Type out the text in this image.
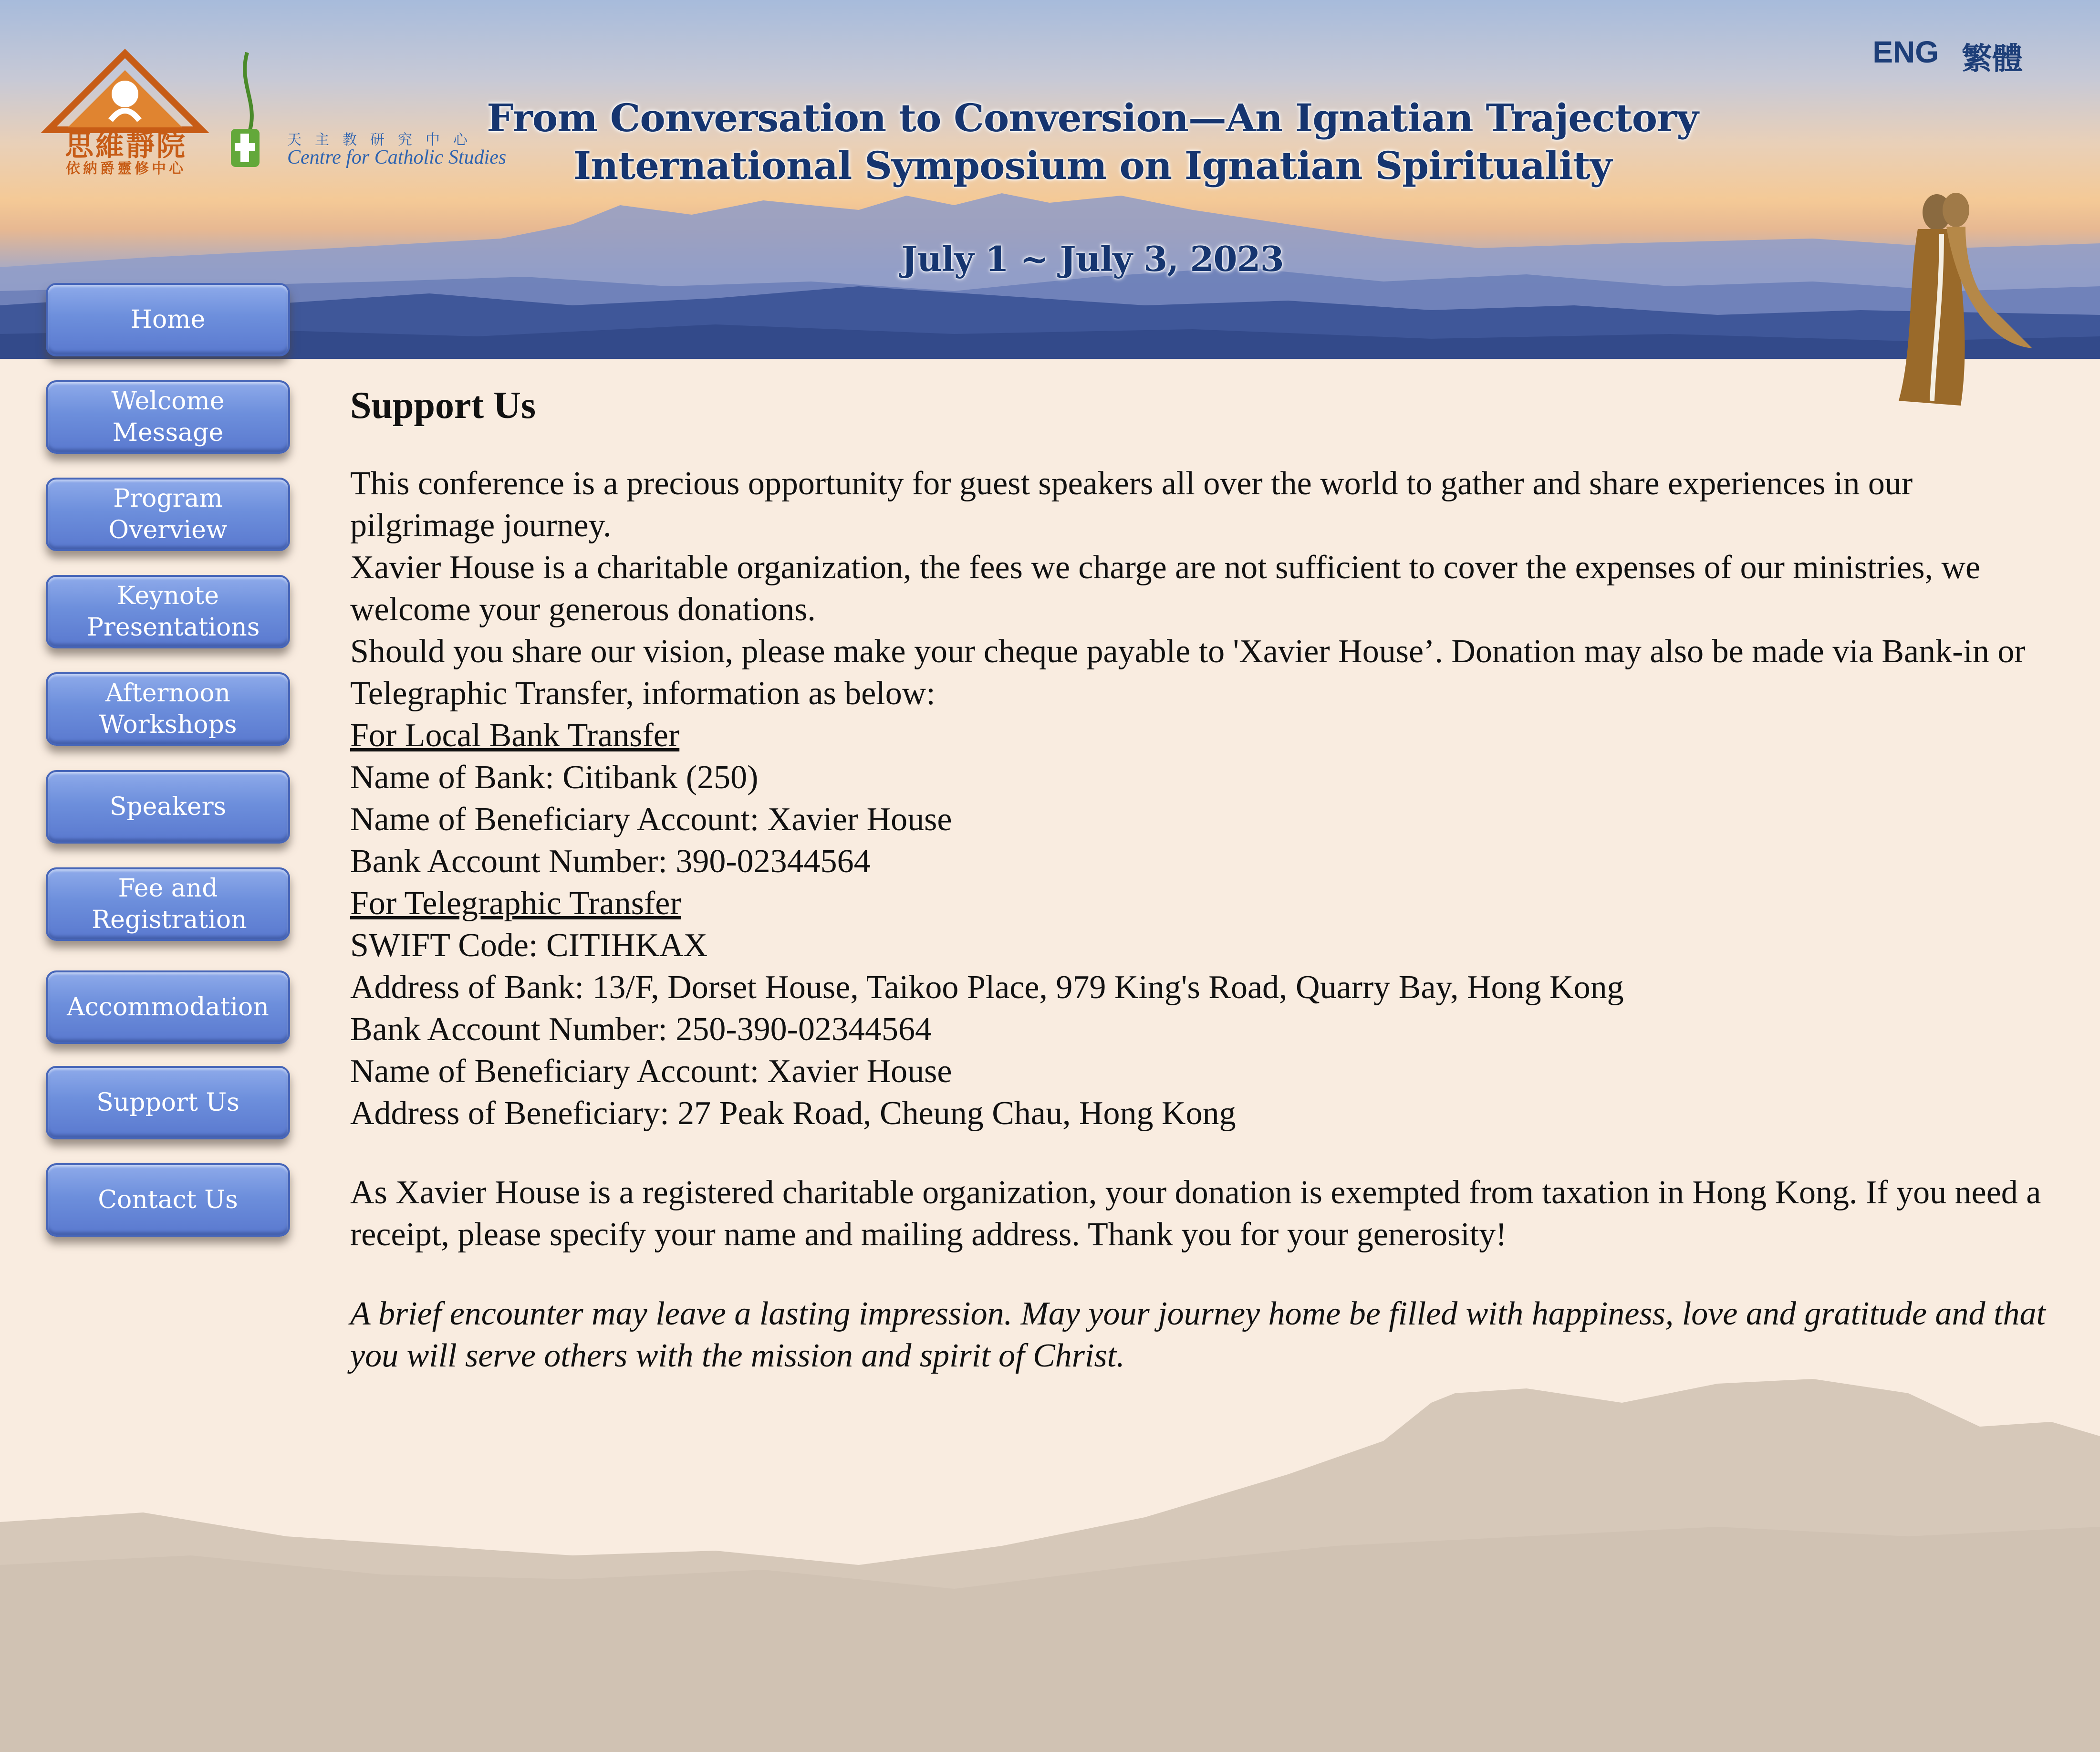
思維靜院
依納爵靈修中心
天主教研究中心
Centre for Catholic Studies
From Conversation to Conversion—An Ignatian Trajectory
International Symposium on Ignatian Spirituality
July 1 ~ July 3, 2023
ENG 繁體
Home
Welcome Message
Program Overview
Keynote Presentations
Afternoon Workshops
Speakers
Fee and Registration
Accommodation
Support Us
Contact Us
Support Us

This conference is a precious opportunity for guest speakers all over the world to gather and share experiences in our pilgrimage journey.

Xavier House is a charitable organization, the fees we charge are not sufficient to cover the expenses of our ministries, we welcome your generous donations.

Should you share our vision, please make your cheque payable to 'Xavier House’. Donation may also be made via Bank-in or Telegraphic Transfer, information as below:

For Local Bank Transfer

Name of Bank: Citibank (250)

Name of Beneficiary Account: Xavier House

Bank Account Number: 390-02344564

For Telegraphic Transfer

SWIFT Code: CITIHKAX

Address of Bank: 13/F, Dorset House, Taikoo Place, 979 King's Road, Quarry Bay, Hong Kong

Bank Account Number: 250-390-02344564

Name of Beneficiary Account: Xavier House

Address of Beneficiary: 27 Peak Road, Cheung Chau, Hong Kong

As Xavier House is a registered charitable organization, your donation is exempted from taxation in Hong Kong. If you need a receipt, please specify your name and mailing address. Thank you for your generosity!

A brief encounter may leave a lasting impression. May your journey home be filled with happiness, love and gratitude and that you will serve others with the mission and spirit of Christ.
